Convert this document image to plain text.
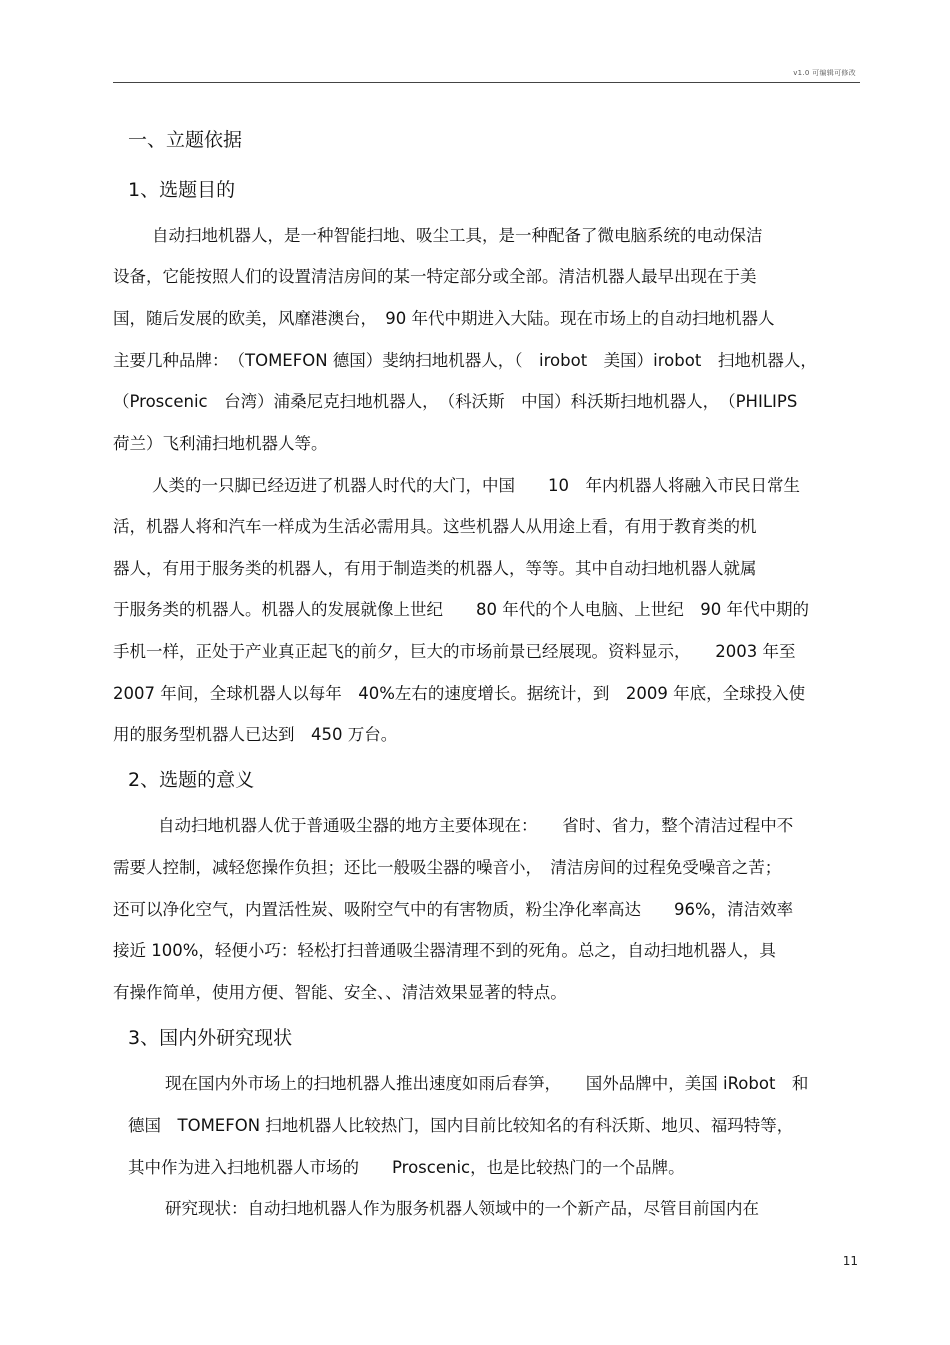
v1.0 可编辑可修改
一、立题依据
1、选题目的
自动扫地机器人，是一种智能扫地、吸尘工具，是一种配备了微电脑系统的电动保洁
设备，它能按照人们的设置清洁房间的某一特定部分或全部。清洁机器人最早出现在于美
国，随后发展的欧美，风靡港澳台，　90 年代中期进入大陆。现在市场上的自动扫地机器人
主要几种品牌：　（TOMEFON 德国）斐纳扫地机器人，（　irobot　美国）irobot　扫地机器人，
（Proscenic　台湾）浦桑尼克扫地机器人，　（科沃斯　中国）科沃斯扫地机器人，　（PHILIPS
荷兰）飞利浦扫地机器人等。
人类的一只脚已经迈进了机器人时代的大门，中国　　10　年内机器人将融入市民日常生
活，机器人将和汽车一样成为生活必需用具。这些机器人从用途上看，有用于教育类的机
器人，有用于服务类的机器人，有用于制造类的机器人，等等。其中自动扫地机器人就属
于服务类的机器人。机器人的发展就像上世纪　　80 年代的个人电脑、上世纪　90 年代中期的
手机一样，正处于产业真正起飞的前夕，巨大的市场前景已经展现。资料显示，　　2003 年至
2007 年间，全球机器人以每年　40%左右的速度增长。据统计，到　2009 年底，全球投入使
用的服务型机器人已达到　450 万台。
2、选题的意义
自动扫地机器人优于普通吸尘器的地方主要体现在：　　省时、省力，整个清洁过程中不
需要人控制，减轻您操作负担；还比一般吸尘器的噪音小，　清洁房间的过程免受噪音之苦；
还可以净化空气，内置活性炭、吸附空气中的有害物质，粉尘净化率高达　　96%，清洁效率
接近 100%，轻便小巧：轻松打扫普通吸尘器清理不到的死角。总之，自动扫地机器人，具
有操作简单，使用方便、智能、安全、、清洁效果显著的特点。
3、国内外研究现状
现在国内外市场上的扫地机器人推出速度如雨后春笋，　　国外品牌中，美国 iRobot　和
德国　TOMEFON 扫地机器人比较热门，国内目前比较知名的有科沃斯、地贝、福玛特等，
其中作为进入扫地机器人市场的　　Proscenic，也是比较热门的一个品牌。
研究现状：自动扫地机器人作为服务机器人领域中的一个新产品，尽管目前国内在
11
